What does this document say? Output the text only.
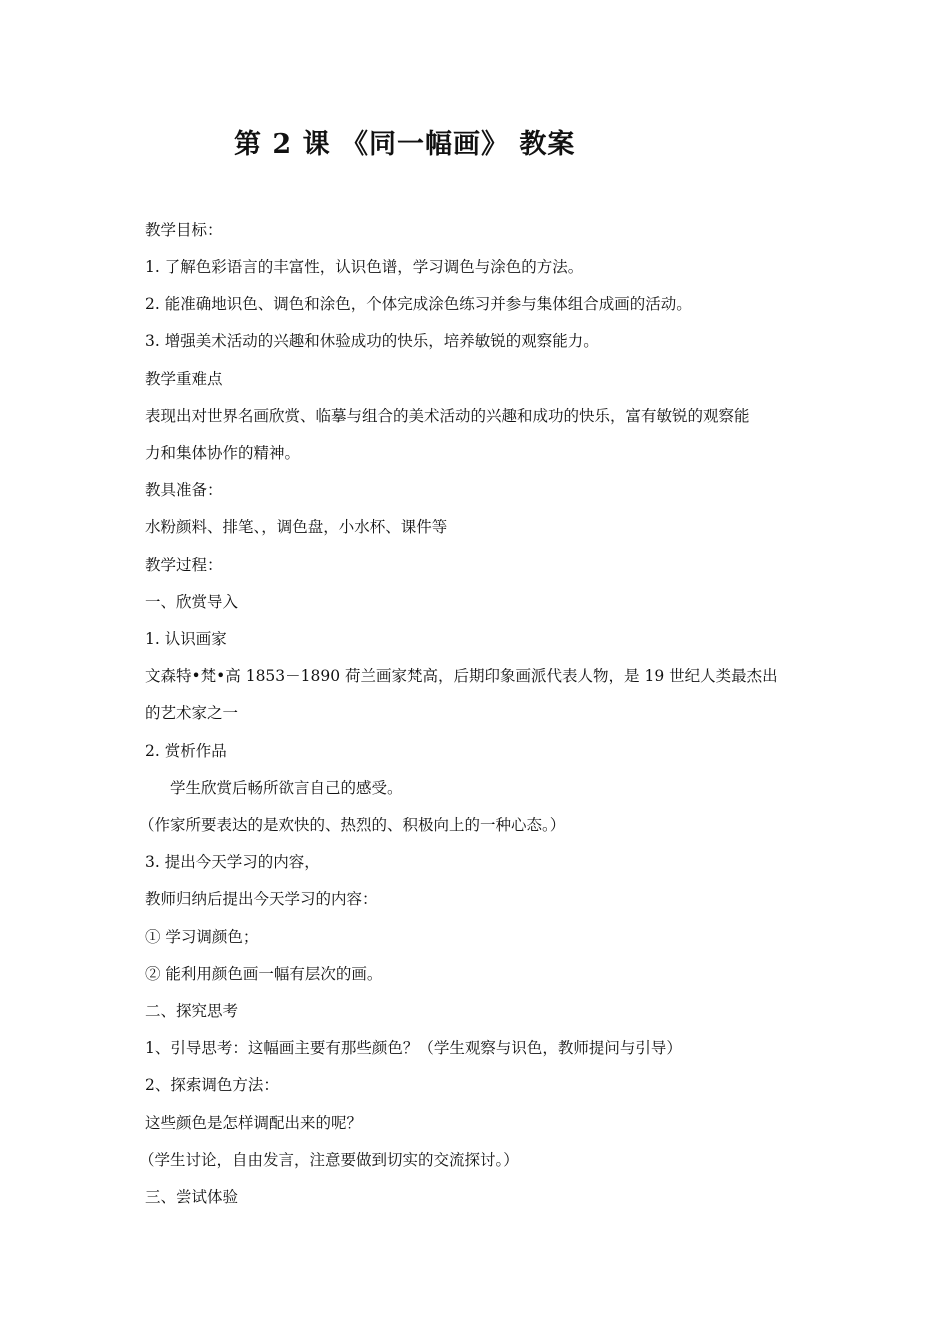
第 2 课 《同一幅画》 教案
教学目标：
1. 了解色彩语言的丰富性，认识色谱，学习调色与涂色的方法。
2. 能准确地识色、调色和涂色，个体完成涂色练习并参与集体组合成画的活动。
3. 增强美术活动的兴趣和休验成功的快乐，培养敏锐的观察能力。
教学重难点
表现出对世界名画欣赏、临摹与组合的美术活动的兴趣和成功的快乐，富有敏锐的观察能
力和集体协作的精神。
教具准备：
水粉颜料、排笔、，调色盘，小水杯、课件等
教学过程：
一、欣赏导入
1. 认识画家
文森特•梵•高 1853－1890 荷兰画家梵高，后期印象画派代表人物，是 19 世纪人类最杰出
的艺术家之一
2. 赏析作品
学生欣赏后畅所欲言自己的感受。
（作家所要表达的是欢快的、热烈的、积极向上的一种心态。）
3. 提出今天学习的内容，
教师归纳后提出今天学习的内容：
① 学习调颜色；
② 能利用颜色画一幅有层次的画。
二、探究思考
1、引导思考：这幅画主要有那些颜色？（学生观察与识色，教师提问与引导）
2、探索调色方法：
这些颜色是怎样调配出来的呢？
（学生讨论，自由发言，注意要做到切实的交流探讨。）
三、尝试体验
